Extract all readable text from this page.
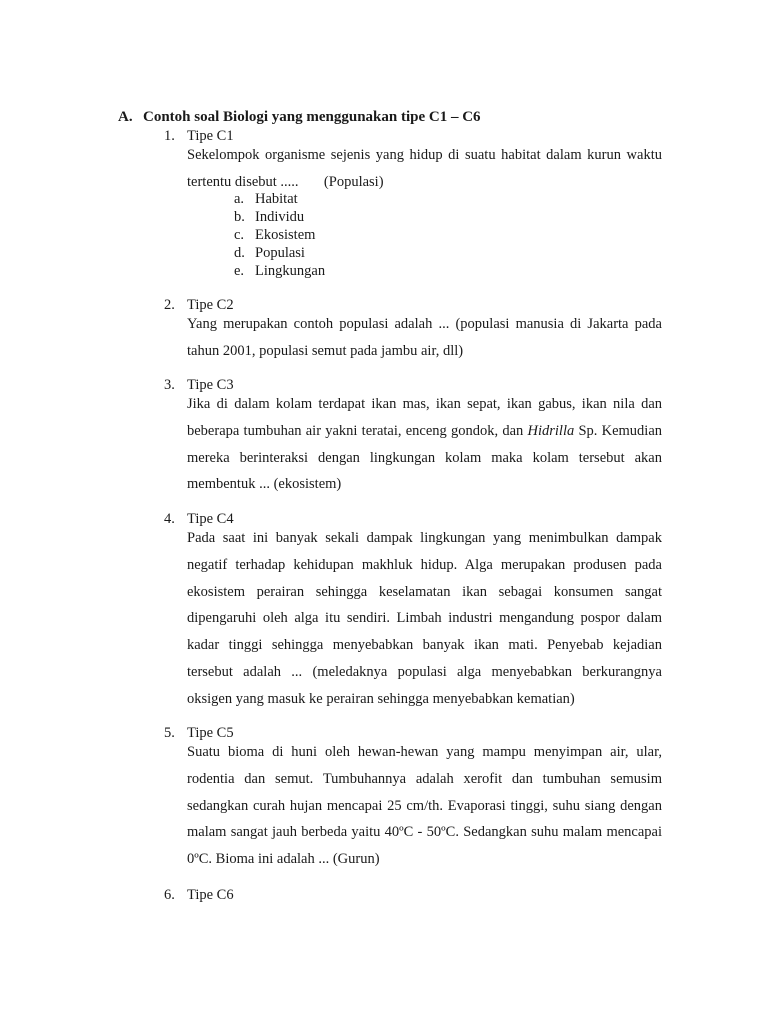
A. Contoh soal Biologi yang menggunakan tipe C1 – C6
1. Tipe C1

Sekelompok organisme sejenis yang hidup di suatu habitat dalam kurun waktu tertentu disebut ..... (Populasi)

a. Habitat
b. Individu
c. Ekosistem
d. Populasi
e. Lingkungan
2. Tipe C2

Yang merupakan contoh populasi adalah ... (populasi manusia di Jakarta pada tahun 2001, populasi semut pada jambu air, dll)

3. Tipe C3

Jika di dalam kolam terdapat ikan mas, ikan sepat, ikan gabus, ikan nila dan beberapa tumbuhan air yakni teratai, enceng gondok, dan Hidrilla Sp. Kemudian mereka berinteraksi dengan lingkungan kolam maka kolam tersebut akan membentuk ... (ekosistem)

4. Tipe C4

Pada saat ini banyak sekali dampak lingkungan yang menimbulkan dampak negatif terhadap kehidupan makhluk hidup. Alga merupakan produsen pada ekosistem perairan sehingga keselamatan ikan sebagai konsumen sangat dipengaruhi oleh alga itu sendiri. Limbah industri mengandung pospor dalam kadar tinggi sehingga menyebabkan banyak ikan mati. Penyebab kejadian tersebut adalah ... (meledaknya populasi alga menyebabkan berkurangnya oksigen yang masuk ke perairan sehingga menyebabkan kematian)

5. Tipe C5

Suatu bioma di huni oleh hewan-hewan yang mampu menyimpan air, ular, rodentia dan semut. Tumbuhannya adalah xerofit dan tumbuhan semusim sedangkan curah hujan mencapai 25 cm/th. Evaporasi tinggi, suhu siang dengan malam sangat jauh berbeda yaitu 40ºC - 50ºC. Sedangkan suhu malam mencapai 0ºC. Bioma ini adalah ... (Gurun)

6. Tipe C6
